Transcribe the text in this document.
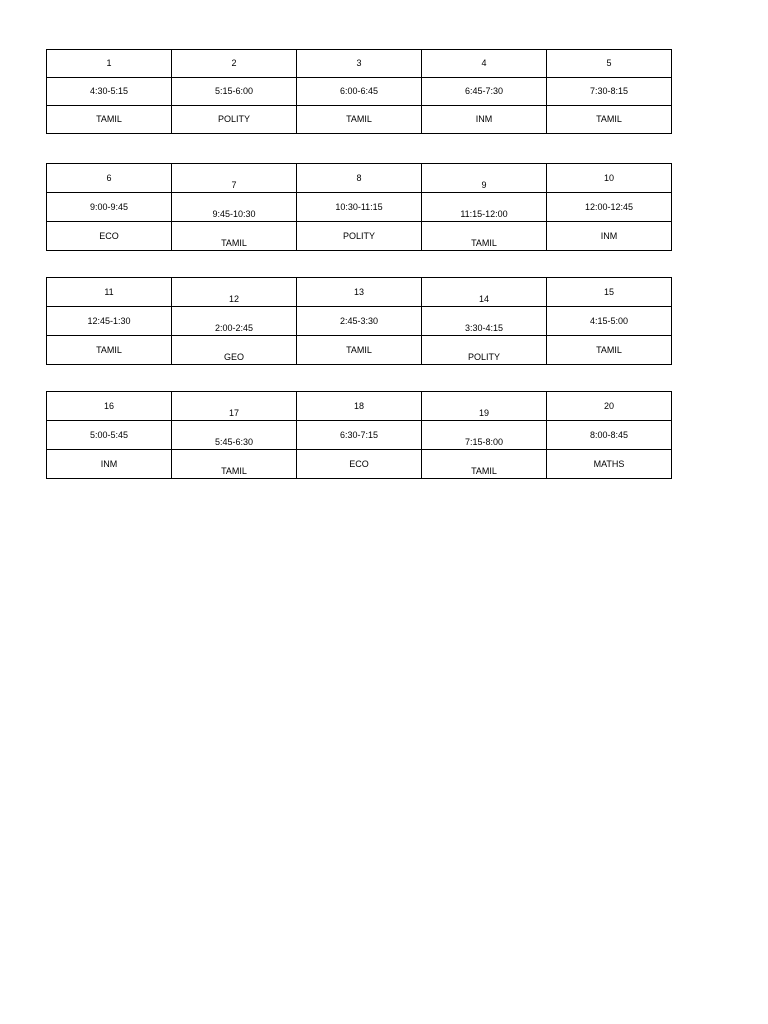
1	2	3	4	5
4:30-5:15	5:15-6:00	6:00-6:45	6:45-7:30	7:30-8:15
TAMIL	POLITY	TAMIL	INM	TAMIL
6	7	8	9	10
9:00-9:45	9:45-10:30	10:30-11:15	11:15-12:00	12:00-12:45
ECO	TAMIL	POLITY	TAMIL	INM
11	12	13	14	15
12:45-1:30	2:00-2:45	2:45-3:30	3:30-4:15	4:15-5:00
TAMIL	GEO	TAMIL	POLITY	TAMIL
16	17	18	19	20
5:00-5:45	5:45-6:30	6:30-7:15	7:15-8:00	8:00-8:45
INM	TAMIL	ECO	TAMIL	MATHS
